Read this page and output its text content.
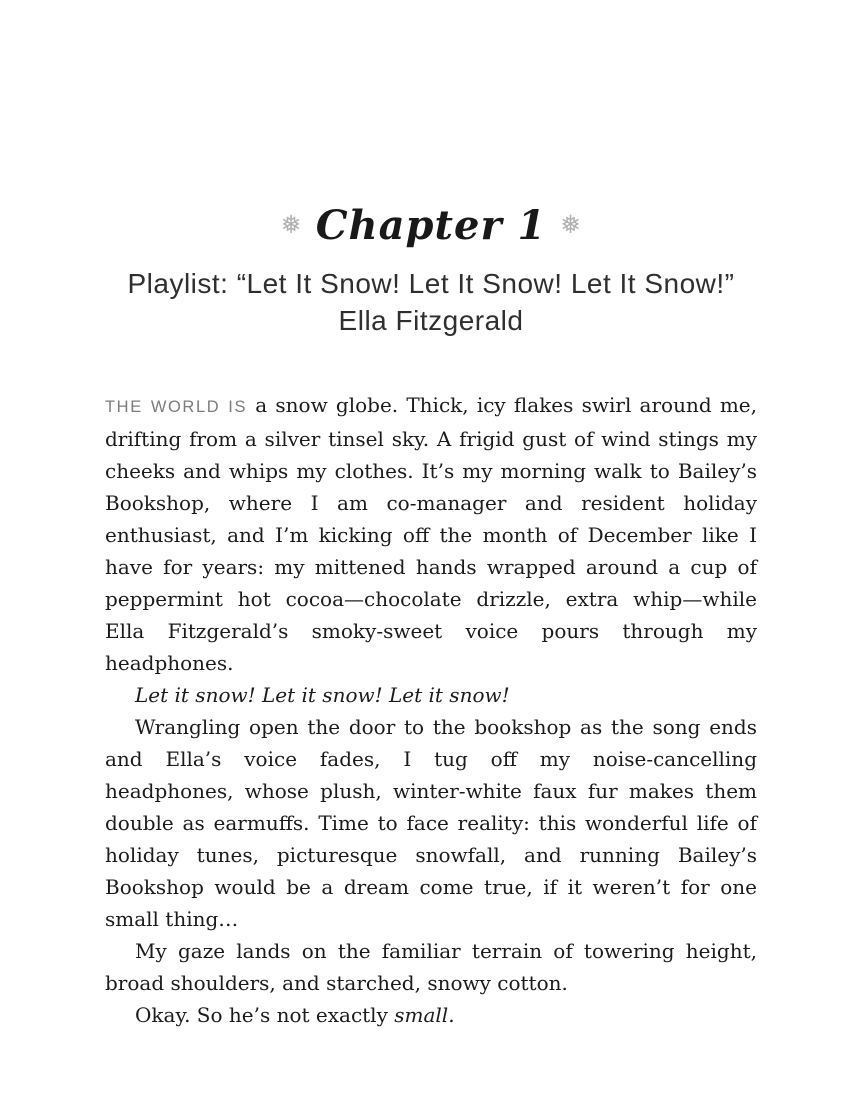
❅ Chapter 1 ❅
Playlist: “Let It Snow! Let It Snow! Let It Snow!”
Ella Fitzgerald

THE WORLD IS a snow globe. Thick, icy flakes swirl around me, drifting from a silver tinsel sky. A frigid gust of wind stings my cheeks and whips my clothes. It’s my morning walk to Bailey’s Bookshop, where I am co-manager and resident holiday enthusiast, and I’m kicking off the month of December like I have for years: my mittened hands wrapped around a cup of peppermint hot cocoa—chocolate drizzle, extra whip—while Ella Fitzgerald’s smoky-sweet voice pours through my headphones.

Let it snow! Let it snow! Let it snow!

Wrangling open the door to the bookshop as the song ends and Ella’s voice fades, I tug off my noise-cancelling headphones, whose plush, winter-white faux fur makes them double as earmuffs. Time to face reality: this wonderful life of holiday tunes, picturesque snowfall, and running Bailey’s Bookshop would be a dream come true, if it weren’t for one small thing…

My gaze lands on the familiar terrain of towering height, broad shoulders, and starched, snowy cotton.

Okay. So he’s not exactly small.
